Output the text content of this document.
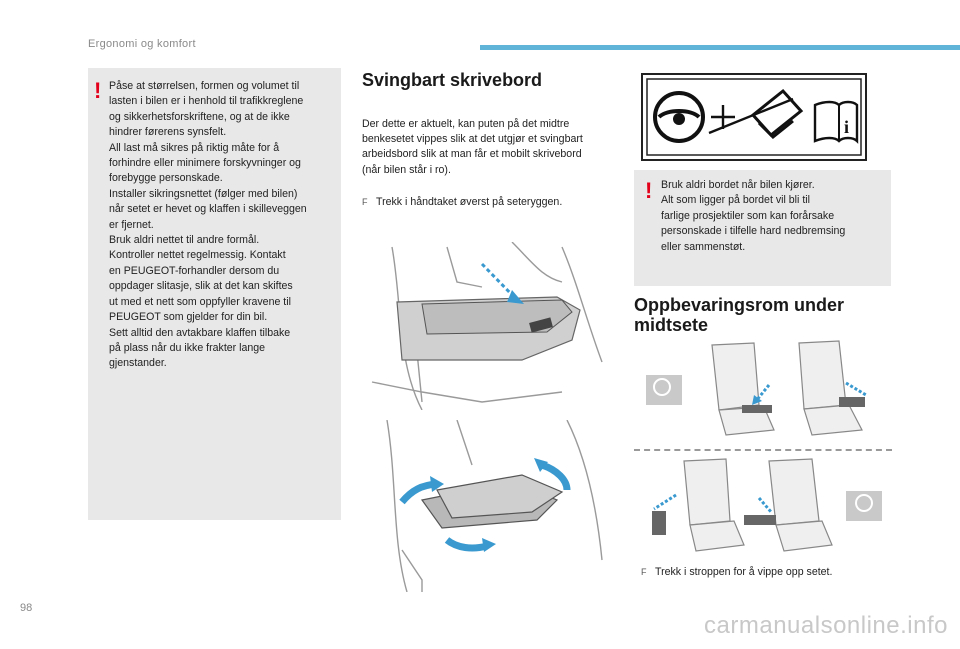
Ergonomi og komfort
! Påse at størrelsen, formen og volumet til
lasten i bilen er i henhold til trafikkreglene
og sikkerhetsforskriftene, og at de ikke
hindrer førerens synsfelt.
All last må sikres på riktig måte for å
forhindre eller minimere forskyvninger og
forebygge personskade.
Installer sikringsnettet (følger med bilen)
når setet er hevet og klaffen i skilleveggen
er fjernet.
Bruk aldri nettet til andre formål.
Kontroller nettet regelmessig. Kontakt
en PEUGEOT-forhandler dersom du
oppdager slitasje, slik at det kan skiftes
ut med et nett som oppfyller kravene til
PEUGEOT som gjelder for din bil.
Sett alltid den avtakbare klaffen tilbake
på plass når du ikke frakter lange
gjenstander.
Svingbart skrivebord
Der dette er aktuelt, kan puten på det midtre
benkesetet vippes slik at det utgjør et svingbart
arbeidsbord slik at man får et mobilt skrivebord
(når bilen står i ro).
F Trekk i håndtaket øverst på seteryggen.
i
! Bruk aldri bordet når bilen kjører.
Alt som ligger på bordet vil bli til
farlige prosjektiler som kan forårsake
personskade i tilfelle hard nedbremsing
eller sammenstøt.
Oppbevaringsrom under
midtsete
F Trekk i stroppen for å vippe opp setet.
98
carmanualsonline.info
